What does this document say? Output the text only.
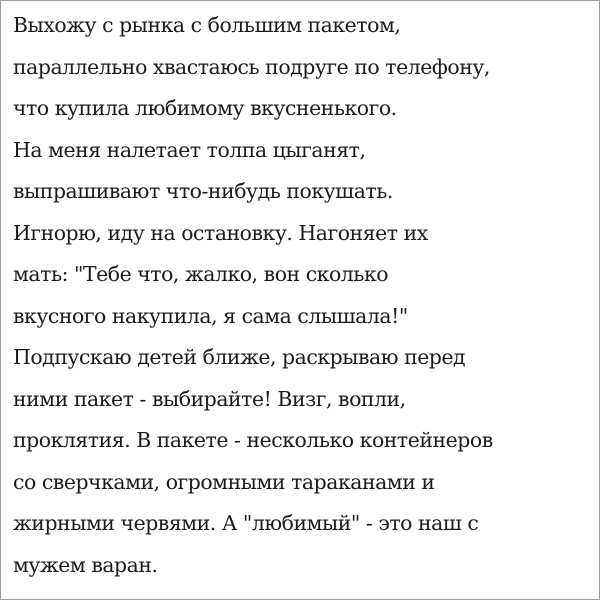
Выхожу с рынка с большим пакетом,
параллельно хвастаюсь подруге по телефону,
что купила любимому вкусненького.
На меня налетает толпа цыганят,
выпрашивают что-нибудь покушать.
Игнорю, иду на остановку. Нагоняет их
мать: "Тебе что, жалко, вон сколько
вкусного накупила, я сама слышала!"
Подпускаю детей ближе, раскрываю перед
ними пакет - выбирайте! Визг, вопли,
проклятия. В пакете - несколько контейнеров
со сверчками, огромными тараканами и
жирными червями. А "любимый" - это наш с
мужем варан.
